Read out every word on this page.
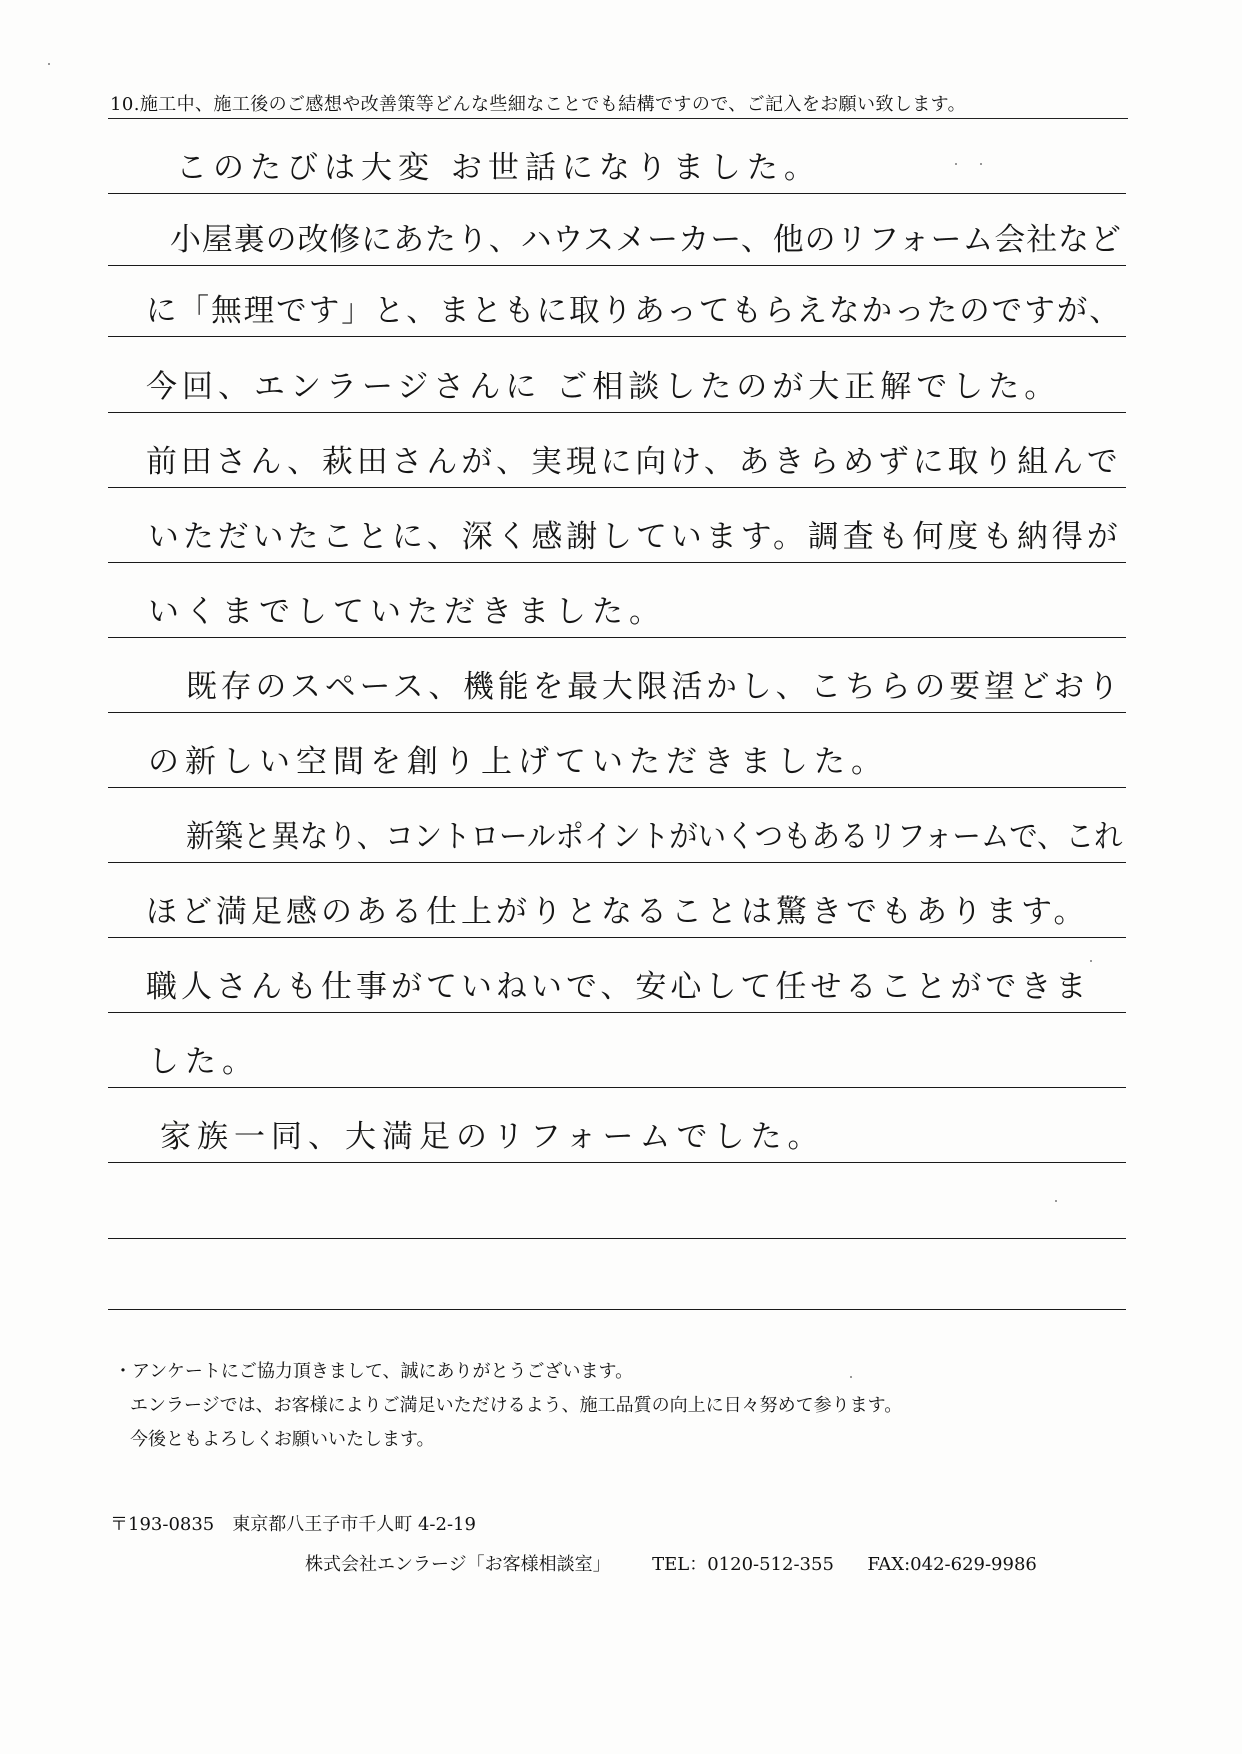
10.施工中、施工後のご感想や改善策等どんな些細なことでも結構ですので、ご記入をお願い致します。
このたびは大変 お世話になりました。
小屋裏の改修にあたり、ハウスメーカー、他のリフォーム会社など
に「無理です」と、まともに取りあってもらえなかったのですが、
今回、エンラージさんに ご相談したのが大正解でした。
前田さん、萩田さんが、実現に向け、あきらめずに取り組んで
いただいたことに、深く感謝しています。調査も何度も納得が
いくまでしていただきました。
既存のスペース、機能を最大限活かし、こちらの要望どおり
の新しい空間を創り上げていただきました。
新築と異なり、コントロールポイントがいくつもあるリフォームで、これ
ほど満足感のある仕上がりとなることは驚きでもあります。
職人さんも仕事がていねいで、安心して任せることができま
した。
家族一同、大満足のリフォームでした。
・アンケートにご協力頂きまして、誠にありがとうございます。
エンラージでは、お客様によりご満足いただけるよう、施工品質の向上に日々努めて参ります。
今後ともよろしくお願いいたします。
〒193-0835　東京都八王子市千人町 4-2-19
株式会社エンラージ「お客様相談室」 TEL：0120-512-355 FAX:042-629-9986
